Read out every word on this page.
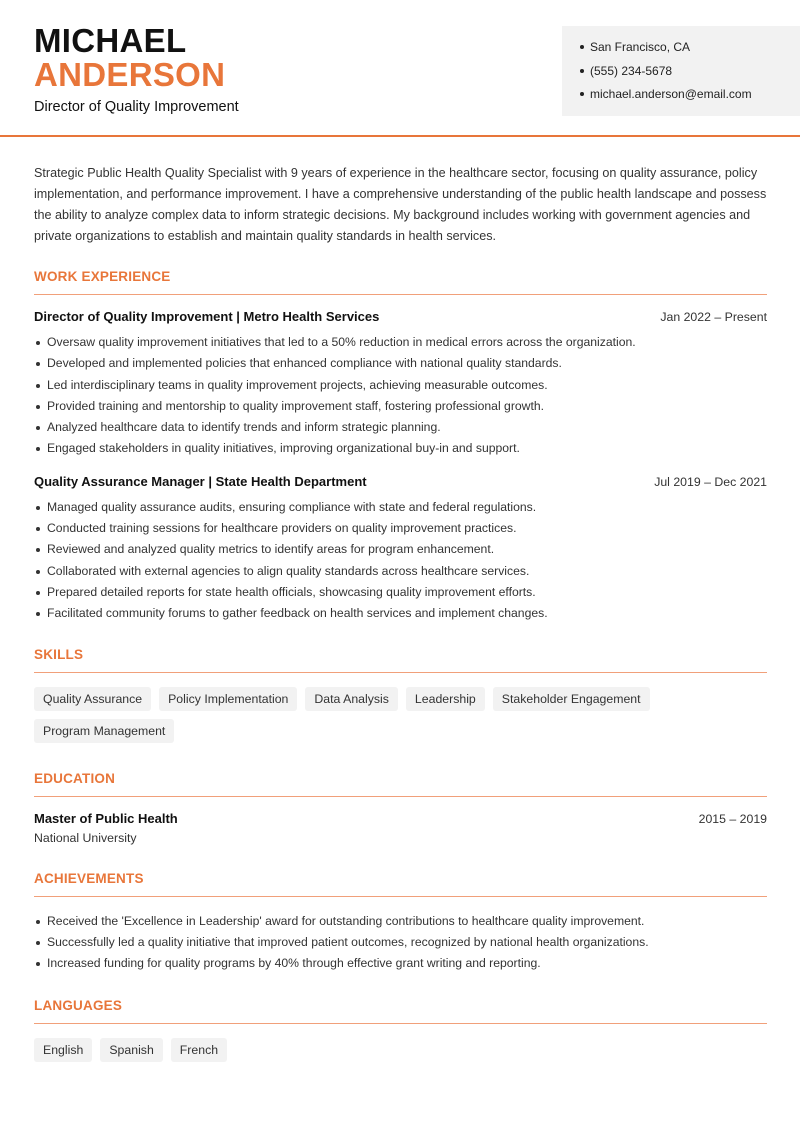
MICHAEL
ANDERSON
Director of Quality Improvement
San Francisco, CA
(555) 234-5678
michael.anderson@email.com

Strategic Public Health Quality Specialist with 9 years of experience in the healthcare sector, focusing on quality assurance, policy implementation, and performance improvement. I have a comprehensive understanding of the public health landscape and possess the ability to analyze complex data to inform strategic decisions. My background includes working with government agencies and private organizations to establish and maintain quality standards in health services.

WORK EXPERIENCE
Director of Quality Improvement | Metro Health Services	Jan 2022 – Present
Oversaw quality improvement initiatives that led to a 50% reduction in medical errors across the organization.
Developed and implemented policies that enhanced compliance with national quality standards.
Led interdisciplinary teams in quality improvement projects, achieving measurable outcomes.
Provided training and mentorship to quality improvement staff, fostering professional growth.
Analyzed healthcare data to identify trends and inform strategic planning.
Engaged stakeholders in quality initiatives, improving organizational buy-in and support.
Quality Assurance Manager | State Health Department	Jul 2019 – Dec 2021
Managed quality assurance audits, ensuring compliance with state and federal regulations.
Conducted training sessions for healthcare providers on quality improvement practices.
Reviewed and analyzed quality metrics to identify areas for program enhancement.
Collaborated with external agencies to align quality standards across healthcare services.
Prepared detailed reports for state health officials, showcasing quality improvement efforts.
Facilitated community forums to gather feedback on health services and implement changes.
SKILLS
Quality Assurance	Policy Implementation	Data Analysis	Leadership	Stakeholder Engagement
Program Management
EDUCATION
Master of Public Health	2015 – 2019
National University
ACHIEVEMENTS
Received the 'Excellence in Leadership' award for outstanding contributions to healthcare quality improvement.
Successfully led a quality initiative that improved patient outcomes, recognized by national health organizations.
Increased funding for quality programs by 40% through effective grant writing and reporting.
LANGUAGES
English	Spanish	French
